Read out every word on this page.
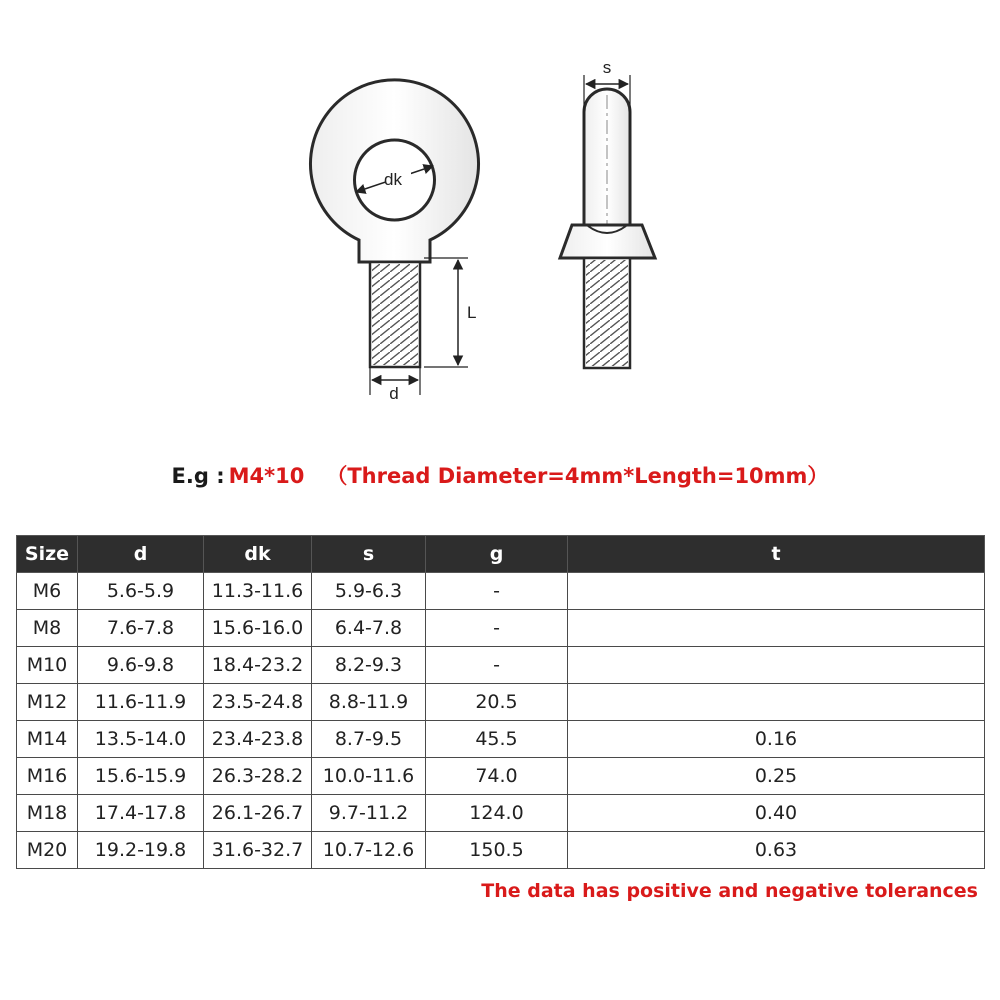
dk
L
d
s
E.g : M4*10 （Thread Diameter=4mm*Length=10mm）
Size	d	dk	s	g	t
M6	5.6-5.9	11.3-11.6	5.9-6.3	-	
M8	7.6-7.8	15.6-16.0	6.4-7.8	-	
M10	9.6-9.8	18.4-23.2	8.2-9.3	-	
M12	11.6-11.9	23.5-24.8	8.8-11.9	20.5	
M14	13.5-14.0	23.4-23.8	8.7-9.5	45.5	0.16
M16	15.6-15.9	26.3-28.2	10.0-11.6	74.0	0.25
M18	17.4-17.8	26.1-26.7	9.7-11.2	124.0	0.40
M20	19.2-19.8	31.6-32.7	10.7-12.6	150.5	0.63
The data has positive and negative tolerances
